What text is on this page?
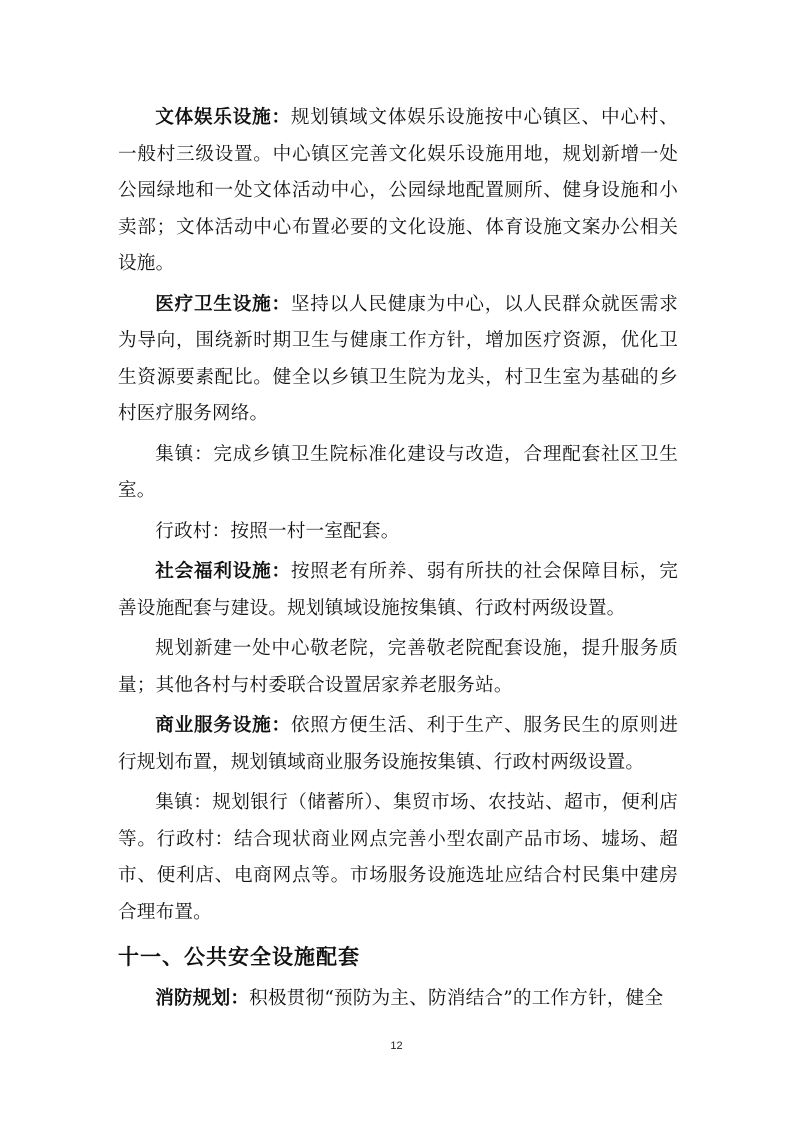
文体娱乐设施：规划镇域文体娱乐设施按中心镇区、中心村、一般村三级设置。中心镇区完善文化娱乐设施用地，规划新增一处公园绿地和一处文体活动中心，公园绿地配置厕所、健身设施和小卖部；文体活动中心布置必要的文化设施、体育设施文案办公相关设施。

医疗卫生设施：坚持以人民健康为中心，以人民群众就医需求为导向，围绕新时期卫生与健康工作方针，增加医疗资源，优化卫生资源要素配比。健全以乡镇卫生院为龙头，村卫生室为基础的乡村医疗服务网络。

集镇：完成乡镇卫生院标准化建设与改造，合理配套社区卫生室。

行政村：按照一村一室配套。

社会福利设施：按照老有所养、弱有所扶的社会保障目标，完善设施配套与建设。规划镇域设施按集镇、行政村两级设置。

规划新建一处中心敬老院，完善敬老院配套设施，提升服务质量；其他各村与村委联合设置居家养老服务站。

商业服务设施：依照方便生活、利于生产、服务民生的原则进行规划布置，规划镇域商业服务设施按集镇、行政村两级设置。

集镇：规划银行（储蓄所）、集贸市场、农技站、超市，便利店等。行政村：结合现状商业网点完善小型农副产品市场、墟场、超市、便利店、电商网点等。市场服务设施选址应结合村民集中建房合理布置。

十一、公共安全设施配套

消防规划：积极贯彻“预防为主、防消结合”的工作方针，健全

12
